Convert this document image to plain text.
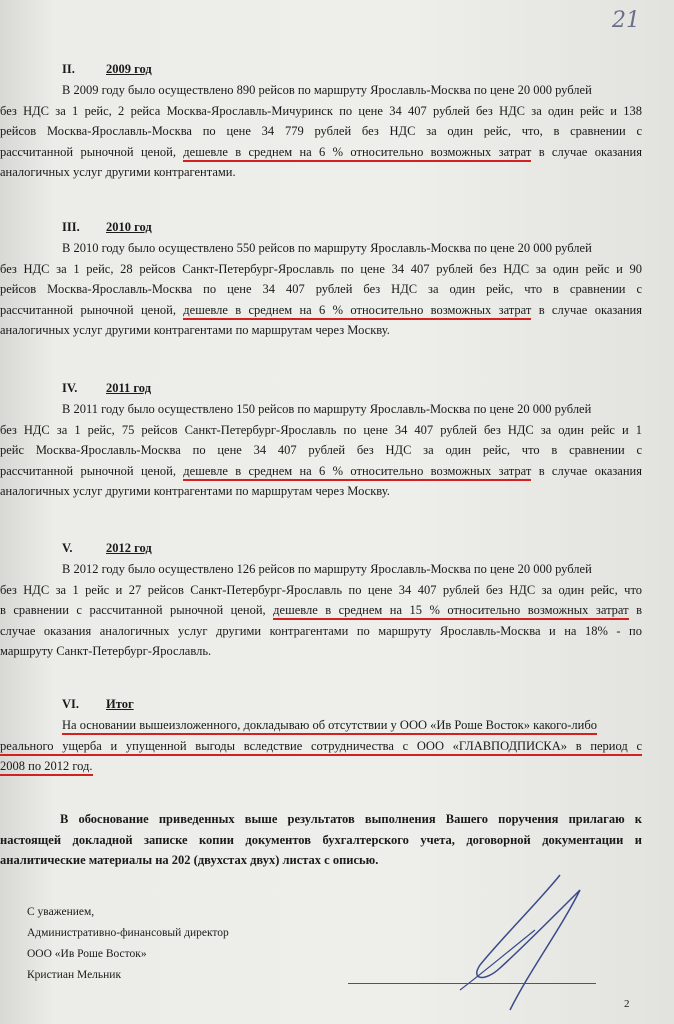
21
II. 2009 год
В 2009 году было осуществлено 890 рейсов по маршруту Ярославль-Москва по цене 20 000 рублей
без НДС за 1 рейс, 2 рейса Москва-Ярославль-Мичуринск по цене 34 407 рублей без НДС за один рейс и 138
рейсов Москва-Ярославль-Москва по цене 34 779 рублей без НДС за один рейс, что, в сравнении с
рассчитанной рыночной ценой, дешевле в среднем на 6 % относительно возможных затрат в случае оказания
аналогичных услуг другими контрагентами.
III. 2010 год
В 2010 году было осуществлено 550 рейсов по маршруту Ярославль-Москва по цене 20 000 рублей
без НДС за 1 рейс, 28 рейсов Санкт-Петербург-Ярославль по цене 34 407 рублей без НДС за один рейс и 90
рейсов Москва-Ярославль-Москва по цене 34 407 рублей без НДС за один рейс, что в сравнении с
рассчитанной рыночной ценой, дешевле в среднем на 6 % относительно возможных затрат в случае оказания
аналогичных услуг другими контрагентами по маршрутам через Москву.
IV. 2011 год
В 2011 году было осуществлено 150 рейсов по маршруту Ярославль-Москва по цене 20 000 рублей
без НДС за 1 рейс, 75 рейсов Санкт-Петербург-Ярославль по цене 34 407 рублей без НДС за один рейс и 1
рейс Москва-Ярославль-Москва по цене 34 407 рублей без НДС за один рейс, что в сравнении с
рассчитанной рыночной ценой, дешевле в среднем на 6 % относительно возможных затрат в случае оказания
аналогичных услуг другими контрагентами по маршрутам через Москву.
V.	2012 год
В 2012 году было осуществлено 126 рейсов по маршруту Ярославль-Москва по цене 20 000 рублей
без НДС за 1 рейс и 27 рейсов Санкт-Петербург-Ярославль по цене 34 407 рублей без НДС за один рейс, что
в сравнении с рассчитанной рыночной ценой, дешевле в среднем на 15 % относительно возможных затрат в
случае оказания аналогичных услуг другими контрагентами по маршруту Ярославль-Москва и на 18% - по
маршруту Санкт-Петербург-Ярославль.
VI. Итог
На основании вышеизложенного, докладываю об отсутствии у ООО «Ив Роше Восток» какого-либо
реального ущерба и упущенной выгоды вследствие сотрудничества с ООО «ГЛАВПОДПИСКА» в период с
2008 по 2012 год.
В обоснование приведенных выше результатов выполнения Вашего поручения прилагаю к
настоящей докладной записке копии документов бухгалтерского учета, договорной документации и
аналитические материалы на 202 (двухстах двух) листах с описью.
С уважением,
Административно-финансовый директор
ООО «Ив Роше Восток»
Кристиан Мельник
2
